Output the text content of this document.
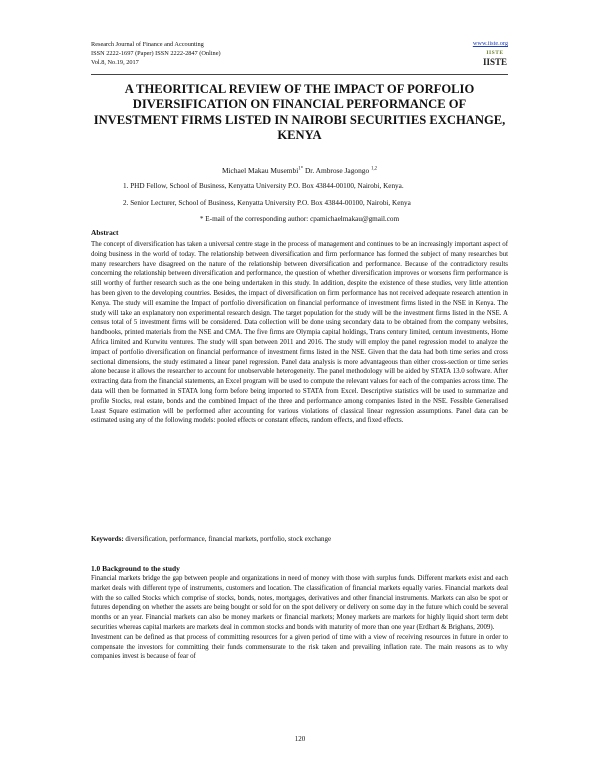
Research Journal of Finance and Accounting
ISSN 2222-1697 (Paper) ISSN 2222-2847 (Online)
Vol.8, No.19, 2017
www.iiste.org
IISTE
IISTE
A THEORITICAL REVIEW OF THE IMPACT OF PORFOLIO DIVERSIFICATION ON FINANCIAL PERFORMANCE OF INVESTMENT FIRMS LISTED IN NAIROBI SECURITIES EXCHANGE, KENYA
Michael Makau Musembi$^{1*}$ Dr. Ambrose Jagongo $^{1,2}$
1. PHD Fellow, School of Business, Kenyatta University P.O. Box 43844-00100, Nairobi, Kenya.
2. Senior Lecturer, School of Business, Kenyatta University P.O. Box 43844-00100, Nairobi, Kenya
* E-mail of the corresponding author: cpamichaelmakau@gmail.com
Abstract
The concept of diversification has taken a universal centre stage in the process of management and continues to be an increasingly important aspect of doing business in the world of today. The relationship between diversification and firm performance has formed the subject of many researches but many researchers have disagreed on the nature of the relationship between diversification and performance. Because of the contradictory results concerning the relationship between diversification and performance, the question of whether diversification improves or worsens firm performance is still worthy of further research such as the one being undertaken in this study. In addition, despite the existence of these studies, very little attention has been given to the developing countries. Besides, the impact of diversification on firm performance has not received adequate research attention in Kenya. The study will examine the Impact of portfolio diversification on financial performance of investment firms listed in the NSE in Kenya. The study will take an explanatory non experimental research design. The target population for the study will be the investment firms listed in the NSE. A census total of 5 investment firms will be considered. Data collection will be done using secondary data to be obtained from the company websites, handbooks, printed materials from the NSE and CMA. The five firms are Olympia capital holdings, Trans century limited, centum investments, Home Africa limited and Kurwitu ventures. The study will span between 2011 and 2016. The study will employ the panel regression model to analyze the impact of portfolio diversification on financial performance of investment firms listed in the NSE. Given that the data had both time series and cross sectional dimensions, the study estimated a linear panel regression. Panel data analysis is more advantageous than either cross-section or time series alone because it allows the researcher to account for unobservable heterogeneity. The panel methodology will be aided by STATA 13.0 software. After extracting data from the financial statements, an Excel program will be used to compute the relevant values for each of the companies across time. The data will then be formatted in STATA long form before being imported to STATA from Excel. Descriptive statistics will be used to summarize and profile Stocks, real estate, bonds and the combined Impact of the three and performance among companies listed in the NSE. Fessible Generalised Least Square estimation will be performed after accounting for various violations of classical linear regression assumptions. Panel data can be estimated using any of the following models: pooled effects or constant effects, random effects, and fixed effects.
Keywords: diversification, performance, financial markets, portfolio, stock exchange
1.0 Background to the study

Financial markets bridge the gap between people and organizations in need of money with those with surplus funds. Different markets exist and each market deals with different type of instruments, customers and location. The classification of financial markets equally varies. Financial markets deal with the so called Stocks which comprise of stocks, bonds, notes, mortgages, derivatives and other financial instruments. Markets can also be spot or futures depending on whether the assets are being bought or sold for on the spot delivery or delivery on some day in the future which could be several months or an year. Financial markets can also be money markets or financial markets; Money markets are markets for highly liquid short term debt securities whereas capital markets are markets deal in common stocks and bonds with maturity of more than one year (Erdhart & Brighans, 2009).

Investment can be defined as that process of committing resources for a given period of time with a view of receiving resources in future in order to compensate the investors for committing their funds commensurate to the risk taken and prevailing inflation rate. The main reasons as to why companies invest is because of fear of

120
